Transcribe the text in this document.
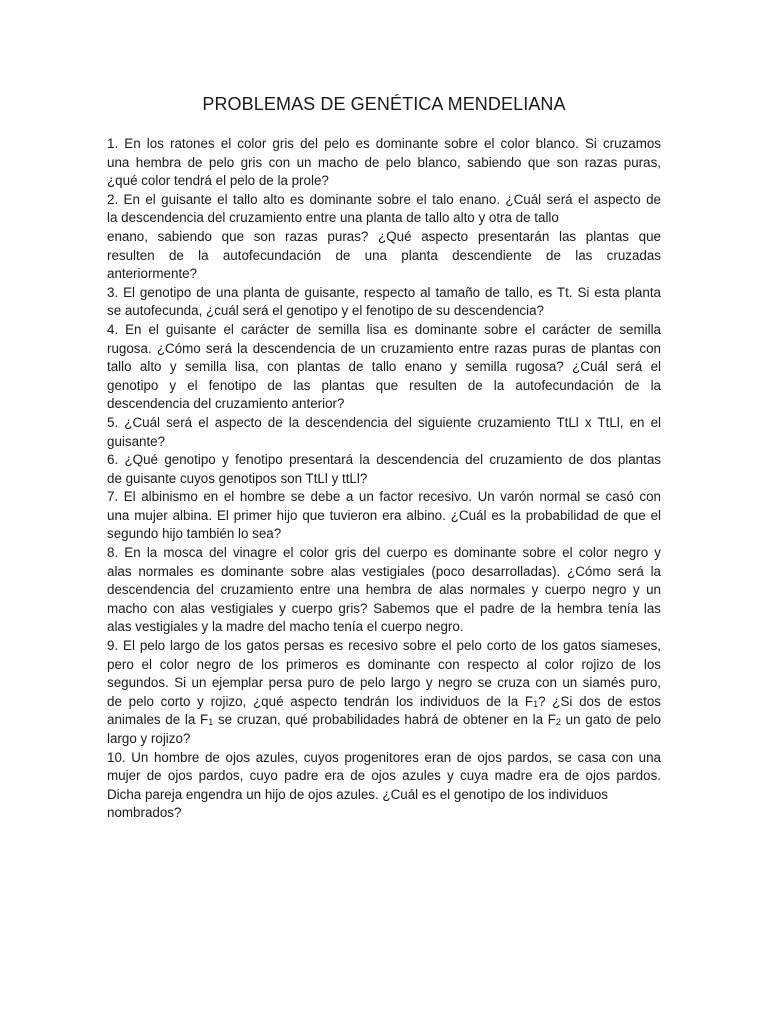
PROBLEMAS DE GENÉTICA MENDELIANA
1. En los ratones el color gris del pelo es dominante sobre el color blanco. Si cruzamos
una hembra de pelo gris con un macho de pelo blanco, sabiendo que son razas puras,
¿qué color tendrá el pelo de la prole?
2. En el guisante el tallo alto es dominante sobre el talo enano. ¿Cuál será el aspecto de
la descendencia del cruzamiento entre una planta de tallo alto y otra de tallo
enano, sabiendo que son razas puras? ¿Qué aspecto presentarán las plantas que
resulten de la autofecundación de una planta descendiente de las cruzadas
anteriormente?
3. El genotipo de una planta de guisante, respecto al tamaño de tallo, es Tt. Si esta planta
se autofecunda, ¿cuál será el genotipo y el fenotipo de su descendencia?
4. En el guisante el carácter de semilla lisa es dominante sobre el carácter de semilla
rugosa. ¿Cómo será la descendencia de un cruzamiento entre razas puras de plantas con
tallo alto y semilla lisa, con plantas de tallo enano y semilla rugosa? ¿Cuál será el
genotipo y el fenotipo de las plantas que resulten de la autofecundación de la
descendencia del cruzamiento anterior?
5. ¿Cuál será el aspecto de la descendencia del siguiente cruzamiento TtLl x TtLl, en el
guisante?
6. ¿Qué genotipo y fenotipo presentará la descendencia del cruzamiento de dos plantas
de guisante cuyos genotipos son TtLl y ttLl?
7. El albinismo en el hombre se debe a un factor recesivo. Un varón normal se casó con
una mujer albina. El primer hijo que tuvieron era albino. ¿Cuál es la probabilidad de que el
segundo hijo también lo sea?
8. En la mosca del vinagre el color gris del cuerpo es dominante sobre el color negro y
alas normales es dominante sobre alas vestigiales (poco desarrolladas). ¿Cómo será la
descendencia del cruzamiento entre una hembra de alas normales y cuerpo negro y un
macho con alas vestigiales y cuerpo gris? Sabemos que el padre de la hembra tenía las
alas vestigiales y la madre del macho tenía el cuerpo negro.
9. El pelo largo de los gatos persas es recesivo sobre el pelo corto de los gatos siameses,
pero el color negro de los primeros es dominante con respecto al color rojizo de los
segundos. Si un ejemplar persa puro de pelo largo y negro se cruza con un siamés puro,
de pelo corto y rojizo, ¿qué aspecto tendrán los individuos de la $F_1$? ¿Si dos de estos
animales de la $F_1$ se cruzan, qué probabilidades habrá de obtener en la $F_2$ un gato de pelo
largo y rojizo?
10. Un hombre de ojos azules, cuyos progenitores eran de ojos pardos, se casa con una
mujer de ojos pardos, cuyo padre era de ojos azules y cuya madre era de ojos pardos.
Dicha pareja engendra un hijo de ojos azules. ¿Cuál es el genotipo de los individuos
nombrados?
